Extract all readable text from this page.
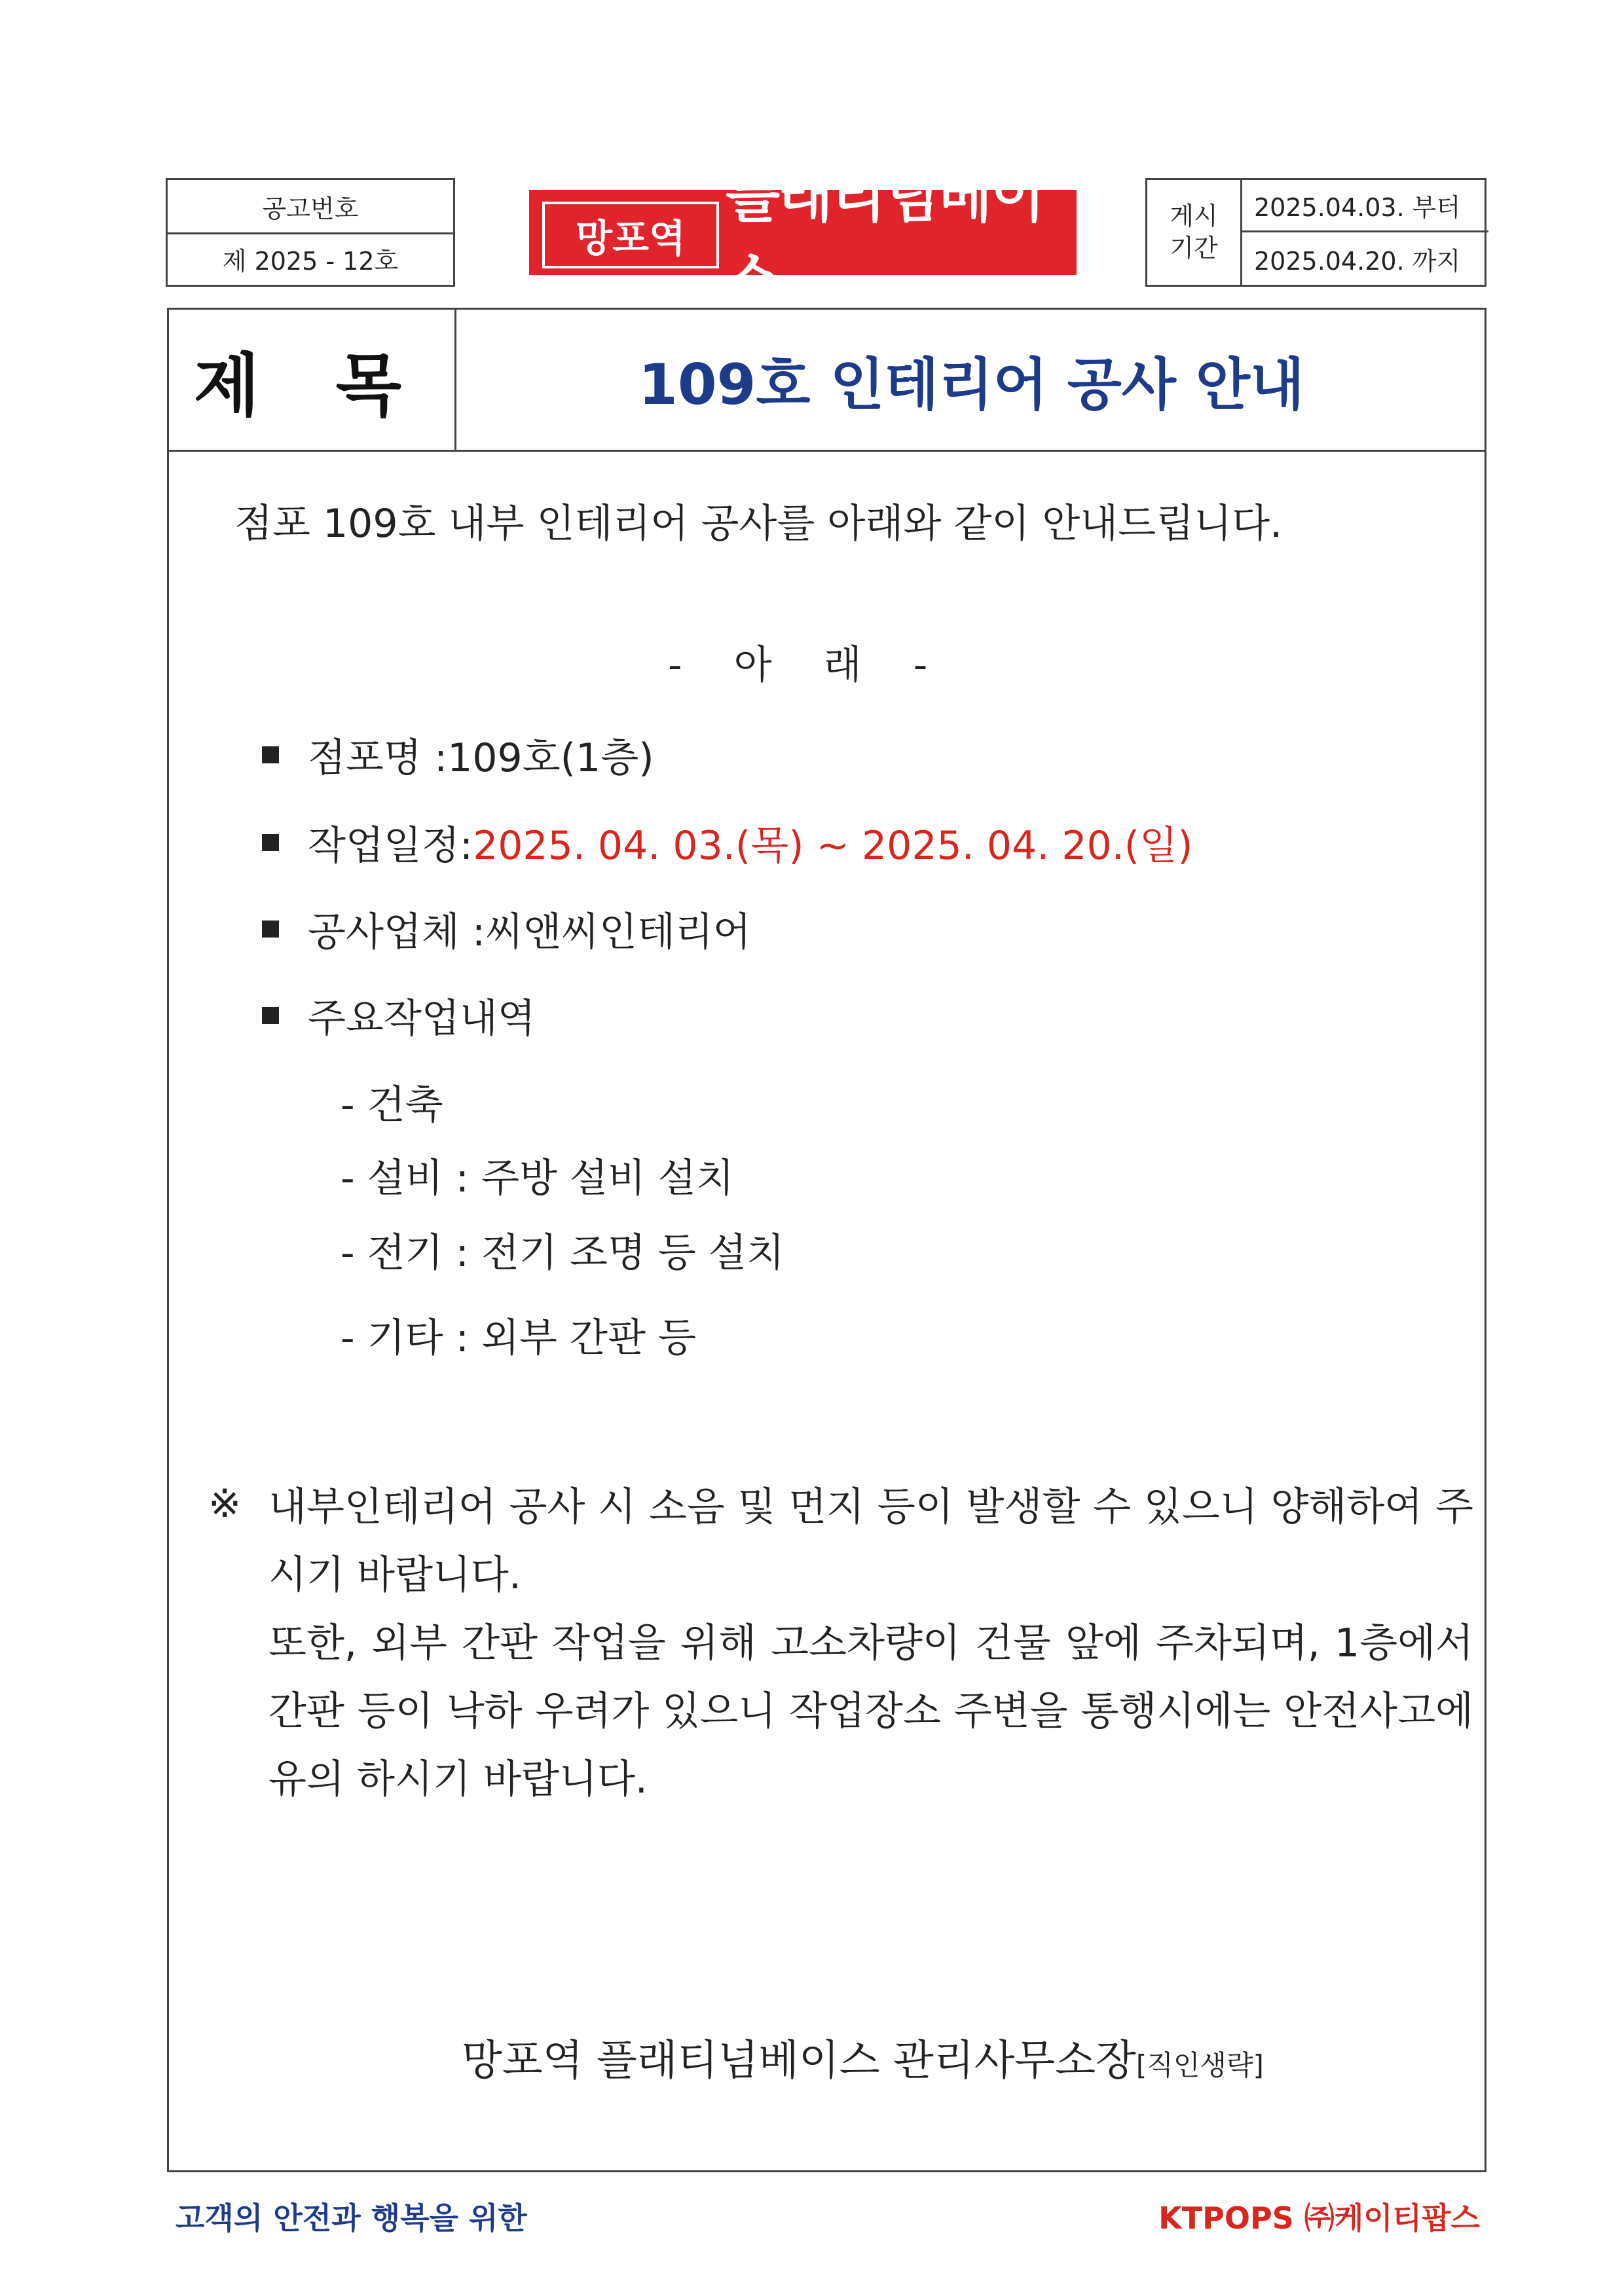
공고번호
제 2025 - 12호
망포역
플래티넘베이스
게시기간
2025.04.03. 부터
2025.04.20. 까지
제 목	109호 인테리어 공사 안내
점포 109호 내부 인테리어 공사를 아래와 같이 안내드립니다.
- 아 래 -
점포명 : 109호(1층)
작업일정: 2025. 04. 03.(목) ~ 2025. 04. 20.(일)
공사업체 : 씨앤씨인테리어
주요작업내역
- 건축
- 설비 : 주방 설비 설치
- 전기 : 전기 조명 등 설치
- 기타 : 외부 간판 등
※ 내부인테리어 공사 시 소음 및 먼지 등이 발생할 수 있으니 양해하여 주시기 바랍니다.

또한, 외부 간판 작업을 위해 고소차량이 건물 앞에 주차되며, 1층에서 간판 등이 낙하 우려가 있으니 작업장소 주변을 통행시에는 안전사고에 유의 하시기 바랍니다.

망포역 플래티넘베이스 관리사무소장[직인생략]
고객의 안전과 행복을 위한	KTPOPS ㈜케이티팝스
